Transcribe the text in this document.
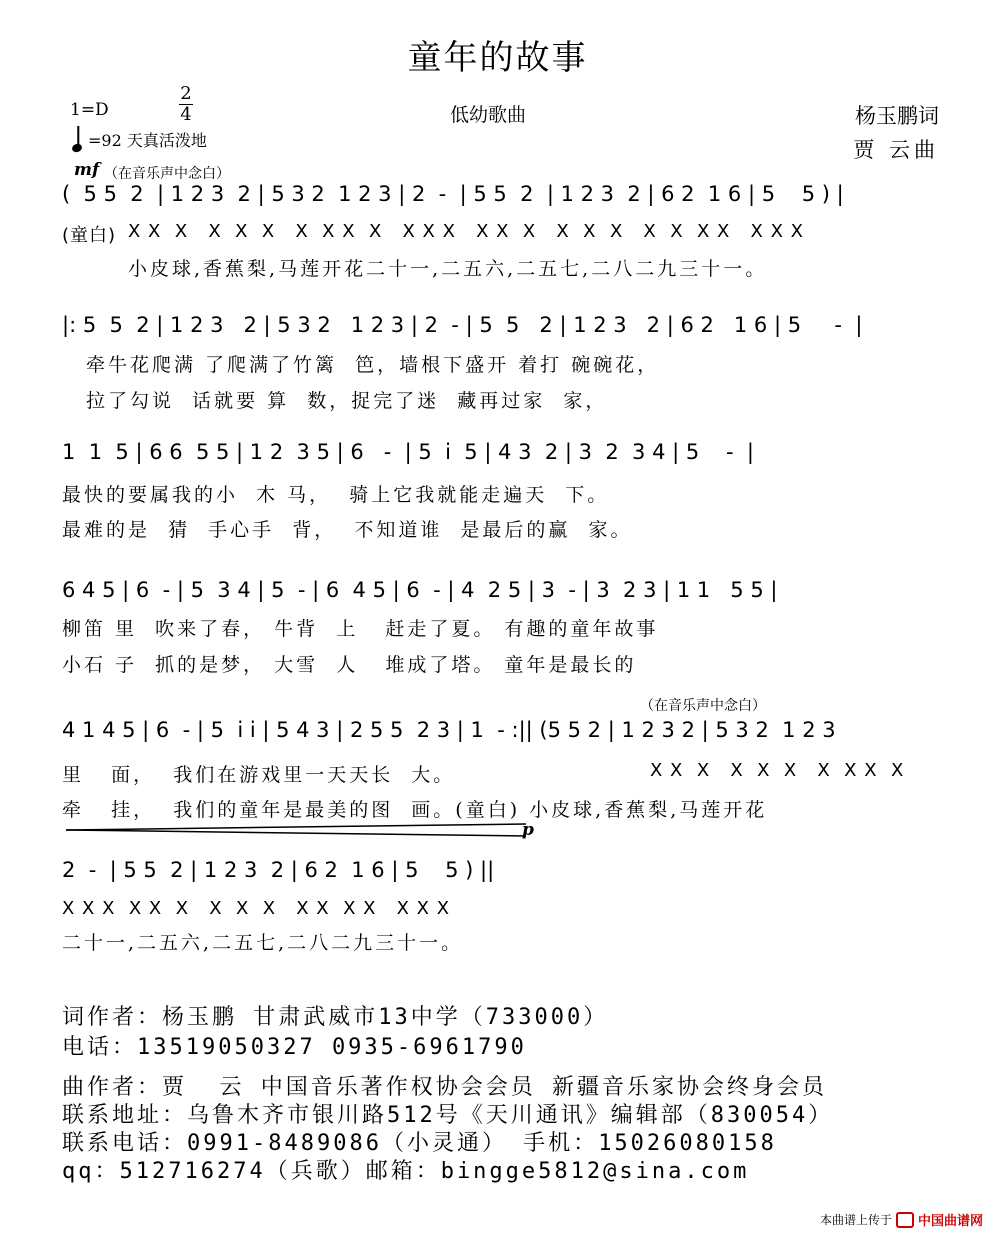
童年的故事
1=D
2
4
=92 天真活泼地
低幼歌曲	杨玉鹏词
贾 云曲
mf （在音乐声中念白）
(  5 5  2  | 1 2 3  2 | 5 3 2  1 2 3 | 2  -  | 5 5  2  | 1 2 3  2 | 6 2  1 6 | 5    5 ) |
(童白) X X  X   X  X  X   X  X X  X   X X X   X X  X   X  X  X   X  X  X X   X X X
小皮球,香蕉梨,马莲开花二十一,二五六,二五七,二八二九三十一。
|: 5  5  2 | 1 2 3   2 | 5 3 2   1 2 3 | 2  - | 5  5   2 | 1 2 3   2 | 6 2   1 6 | 5     -  |
牵牛花爬满 了爬满了竹篱  笆，墙根下盛开 着打 碗碗花，
拉了勾说  话就要 算  数，捉完了迷  藏再过家  家，
1  1  5 | 6 6  5 5 | 1 2  3 5 | 6   -  | 5  i  5 | 4 3  2 | 3  2  3 4 | 5    -  |
最快的要属我的小  木 马，  骑上它我就能走遍天  下。
最难的是  猜  手心手  背，  不知道谁  是最后的赢  家。
6 4 5 | 6  - | 5  3 4 | 5  - | 6  4 5 | 6  - | 4  2 5 | 3  - | 3  2 3 | 1 1   5 5 |
柳笛 里  吹来了春， 牛背  上   赶走了夏。 有趣的童年故事
小石 子  抓的是梦， 大雪  人   堆成了塔。 童年是最长的
（在音乐声中念白）
4 1 4 5 | 6  - | 5  i i | 5 4 3 | 2 5 5  2 3 | 1  - :|| (5 5 2 | 1 2 3 2 | 5 3 2  1 2 3
X X  X   X  X  X   X  X X  X
里   面，  我们在游戏里一天天长  大。
牵   挂，  我们的童年是最美的图  画。(童白) 小皮球,香蕉梨,马莲开花
p
2  -  | 5 5  2 | 1 2 3  2 | 6 2  1 6 | 5    5 ) ||
X X X  X X  X   X  X  X   X X  X X   X X X
二十一,二五六,二五七,二八二九三十一。
词作者：杨玉鹏 甘肃武威市13中学（733000）
电话：13519050327 0935-6961790
曲作者：贾  云 中国音乐著作权协会会员 新疆音乐家协会终身会员
联系地址：乌鲁木齐市银川路512号《天川通讯》编辑部（830054）
联系电话：0991-8489086（小灵通） 手机：15026080158
qq：512716274（兵歌）邮箱：bingge5812@sina.com
本曲谱上传于 中国曲谱网
